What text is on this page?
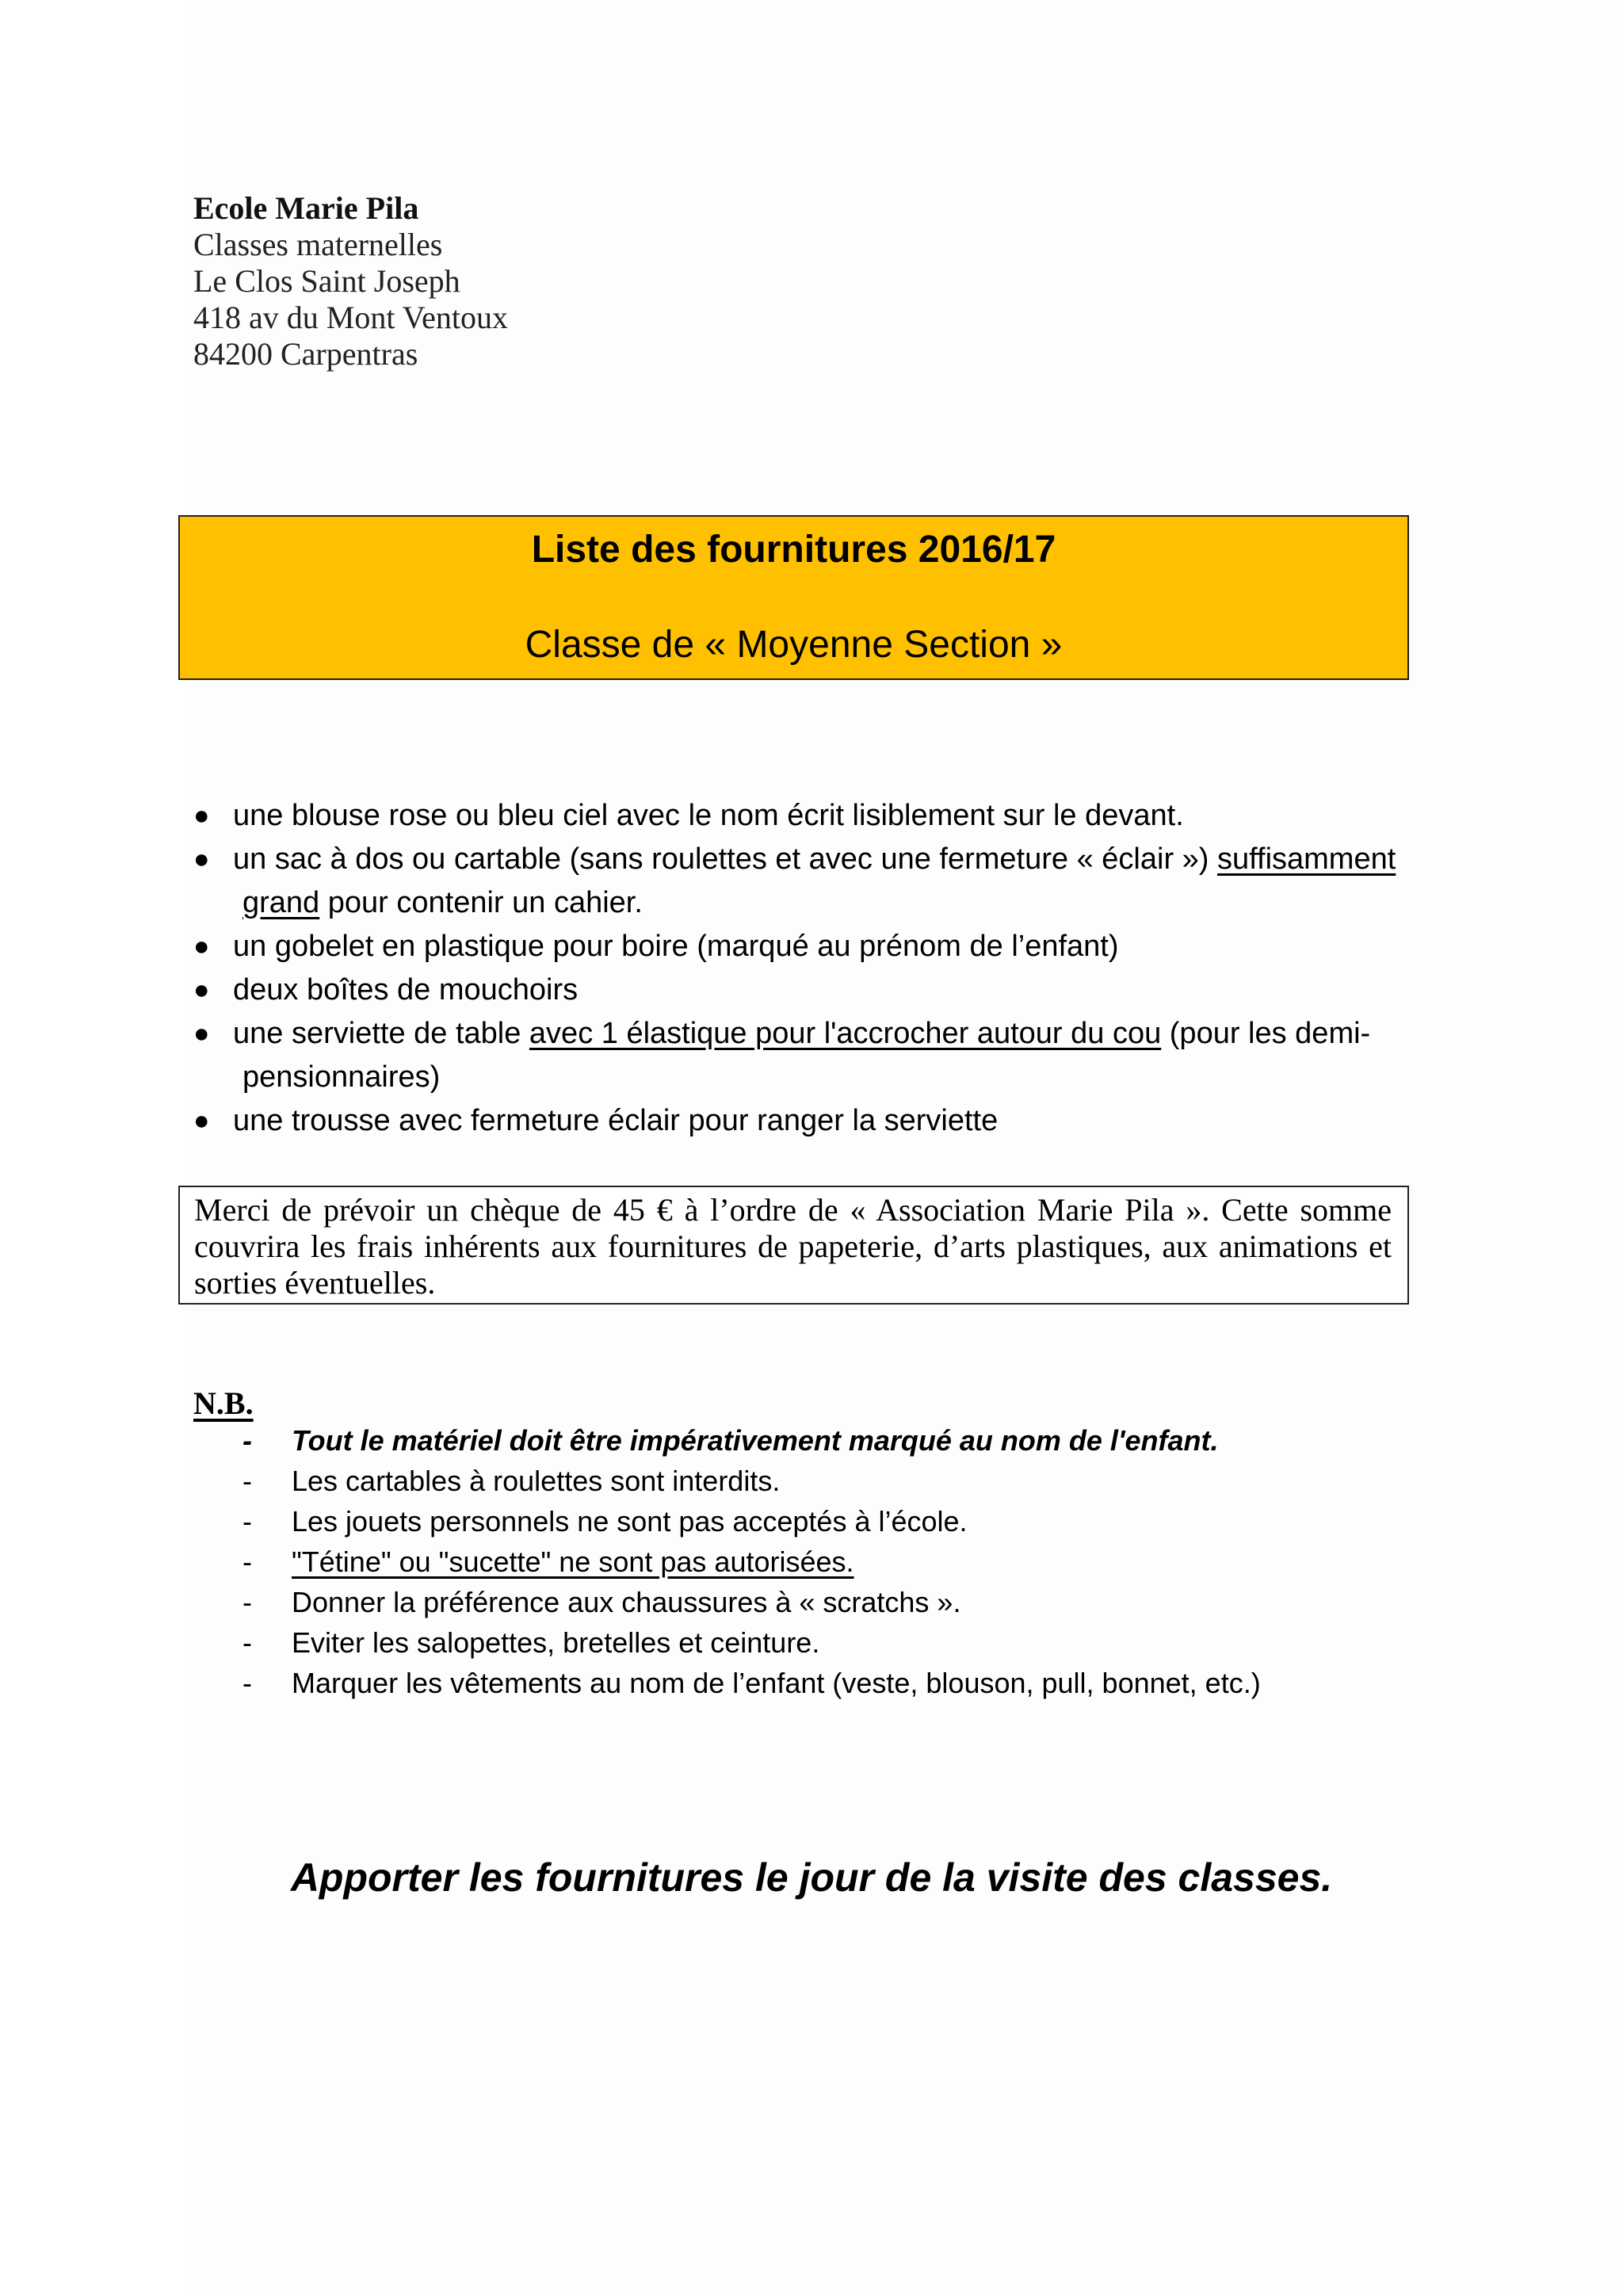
Ecole Marie Pila
Classes maternelles
Le Clos Saint Joseph
418 av du Mont Ventoux
84200 Carpentras
Liste des fournitures 2016/17
Classe de « Moyenne Section »
● une blouse rose ou bleu ciel avec le nom écrit lisiblement sur le devant.
● un sac à dos ou cartable (sans roulettes et avec une fermeture « éclair ») suffisamment
grand pour contenir un cahier.
● un gobelet en plastique pour boire (marqué au prénom de l’enfant)
● deux boîtes de mouchoirs
● une serviette de table avec 1 élastique pour l'accrocher autour du cou (pour les demi-
pensionnaires)
● une trousse avec fermeture éclair pour ranger la serviette
Merci de prévoir un chèque de 45 € à l’ordre de « Association Marie Pila ». Cette somme couvrira les frais inhérents aux fournitures de papeterie, d’arts plastiques, aux animations et sorties éventuelles.
N.B.
- Tout le matériel doit être impérativement marqué au nom de l'enfant.
- Les cartables à roulettes sont interdits.
- Les jouets personnels ne sont pas acceptés à l’école.
- "Tétine" ou "sucette" ne sont pas autorisées.
- Donner la préférence aux chaussures à « scratchs ».
- Eviter les salopettes, bretelles et ceinture.
- Marquer les vêtements au nom de l’enfant (veste, blouson, pull, bonnet, etc.)
Apporter les fournitures le jour de la visite des classes.
